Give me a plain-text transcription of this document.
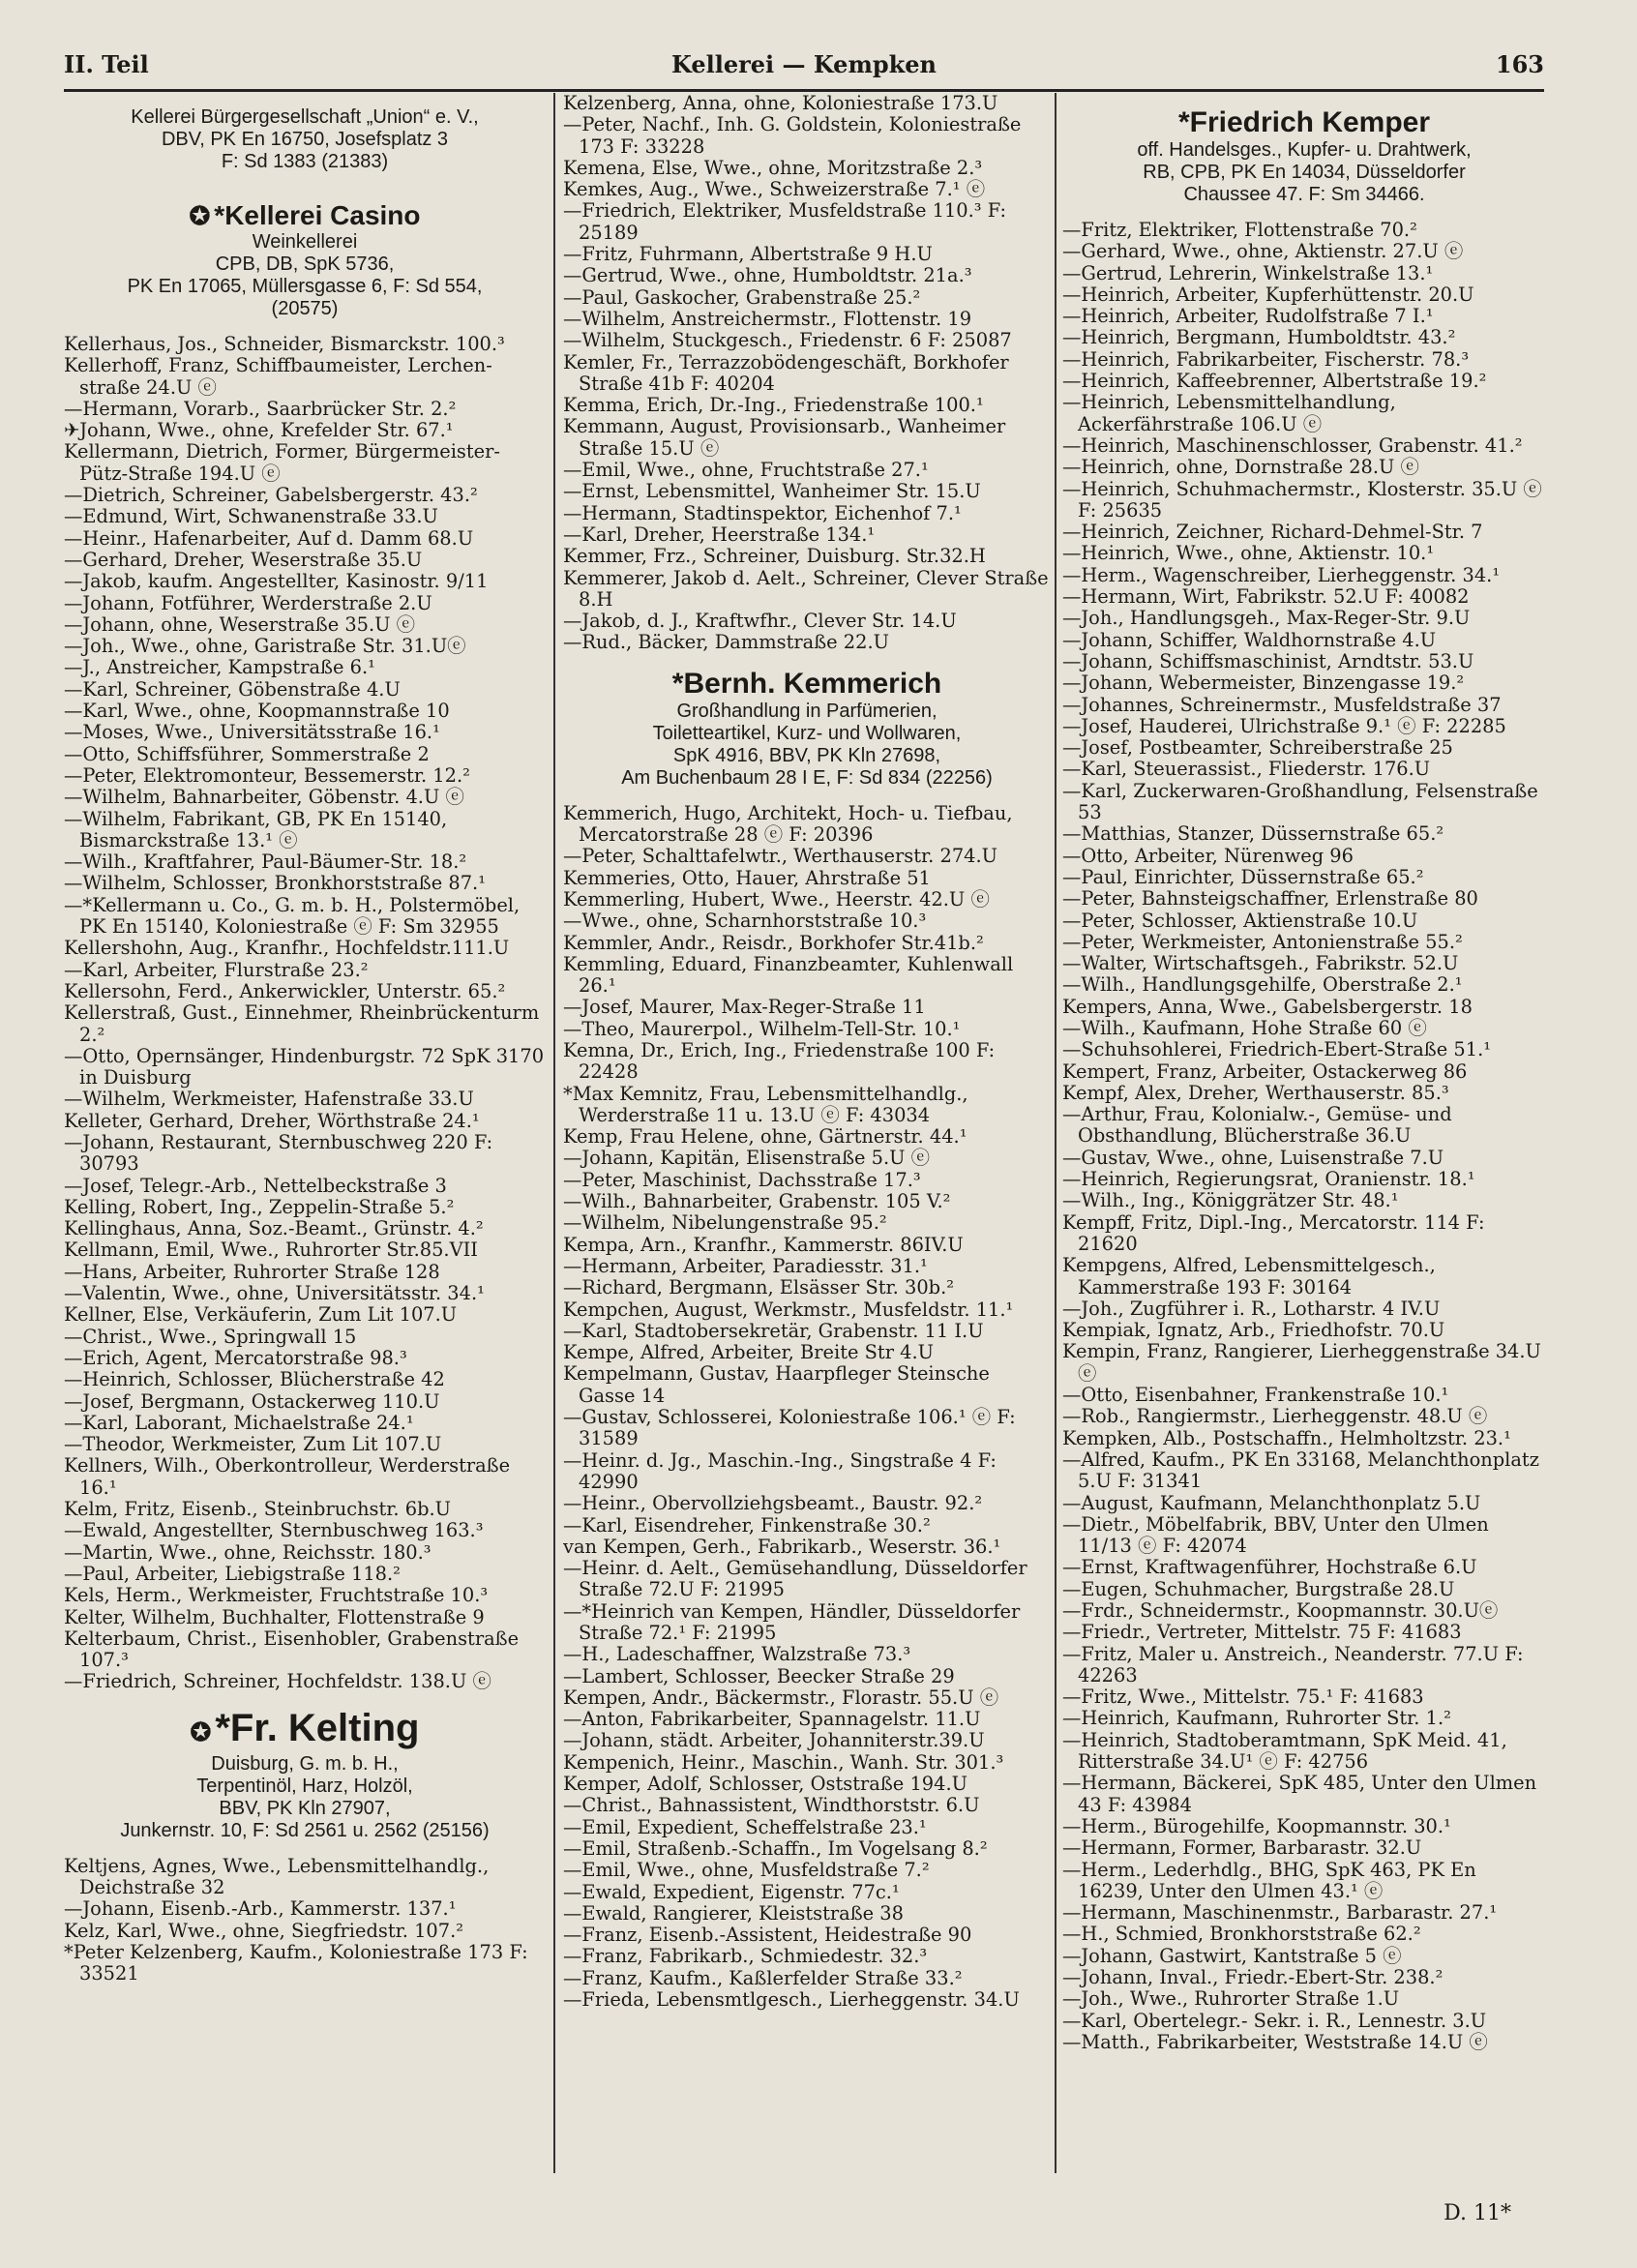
II. Teil	Kellerei — Kempken	163
Kellerei Bürgergesellschaft „Union“ e. V.,
DBV, PK En 16750, Josefsplatz 3
F: Sd 1383 (21383)
✪ *Kellerei Casino
Weinkellerei
CPB, DB, SpK 5736,
PK En 17065, Müllersgasse 6, F: Sd 554,
(20575)
Kellerhaus, Jos., Schneider, Bismarckstr. 100.³
Kellerhoff, Franz, Schiffbaumeister, Lerchen-straße 24.U ⓔ
—Hermann, Vorarb., Saarbrücker Str. 2.²
✈Johann, Wwe., ohne, Krefelder Str. 67.¹
Kellermann, Dietrich, Former, Bürgermeister-Pütz-Straße 194.U ⓔ
—Dietrich, Schreiner, Gabelsbergerstr. 43.²
—Edmund, Wirt, Schwanenstraße 33.U
—Heinr., Hafenarbeiter, Auf d. Damm 68.U
—Gerhard, Dreher, Weserstraße 35.U
—Jakob, kaufm. Angestellter, Kasinostr. 9/11
—Johann, Fotführer, Werderstraße 2.U
—Johann, ohne, Weserstraße 35.U ⓔ
—Joh., Wwe., ohne, Garistraße Str. 31.Uⓔ
—J., Anstreicher, Kampstraße 6.¹
—Karl, Schreiner, Göbenstraße 4.U
—Karl, Wwe., ohne, Koopmannstraße 10
—Moses, Wwe., Universitätsstraße 16.¹
—Otto, Schiffsführer, Sommerstraße 2
—Peter, Elektromonteur, Bessemerstr. 12.²
—Wilhelm, Bahnarbeiter, Göbenstr. 4.U ⓔ
—Wilhelm, Fabrikant, GB, PK En 15140, Bismarckstraße 13.¹ ⓔ
—Wilh., Kraftfahrer, Paul-Bäumer-Str. 18.²
—Wilhelm, Schlosser, Bronkhorststraße 87.¹
—*Kellermann u. Co., G. m. b. H., Polstermöbel, PK En 15140, Koloniestraße ⓔ F: Sm 32955
Kellershohn, Aug., Kranfhr., Hochfeldstr.111.U
—Karl, Arbeiter, Flurstraße 23.²
Kellersohn, Ferd., Ankerwickler, Unterstr. 65.²
Kellerstraß, Gust., Einnehmer, Rheinbrückenturm 2.²
—Otto, Opernsänger, Hindenburgstr. 72 SpK 3170 in Duisburg
—Wilhelm, Werkmeister, Hafenstraße 33.U
Kelleter, Gerhard, Dreher, Wörthstraße 24.¹
—Johann, Restaurant, Sternbuschweg 220 F: 30793
—Josef, Telegr.-Arb., Nettelbeckstraße 3
Kelling, Robert, Ing., Zeppelin-Straße 5.²
Kellinghaus, Anna, Soz.-Beamt., Grünstr. 4.²
Kellmann, Emil, Wwe., Ruhrorter Str.85.VII
—Hans, Arbeiter, Ruhrorter Straße 128
—Valentin, Wwe., ohne, Universitätsstr. 34.¹
Kellner, Else, Verkäuferin, Zum Lit 107.U
—Christ., Wwe., Springwall 15
—Erich, Agent, Mercatorstraße 98.³
—Heinrich, Schlosser, Blücherstraße 42
—Josef, Bergmann, Ostackerweg 110.U
—Karl, Laborant, Michaelstraße 24.¹
—Theodor, Werkmeister, Zum Lit 107.U
Kellners, Wilh., Oberkontrolleur, Werderstraße 16.¹
Kelm, Fritz, Eisenb., Steinbruchstr. 6b.U
—Ewald, Angestellter, Sternbuschweg 163.³
—Martin, Wwe., ohne, Reichsstr. 180.³
—Paul, Arbeiter, Liebigstraße 118.²
Kels, Herm., Werkmeister, Fruchtstraße 10.³
Kelter, Wilhelm, Buchhalter, Flottenstraße 9
Kelterbaum, Christ., Eisenhobler, Grabenstraße 107.³
—Friedrich, Schreiner, Hochfeldstr. 138.U ⓔ
✪ *Fr. Kelting
Duisburg, G. m. b. H.,
Terpentinöl, Harz, Holzöl,
BBV, PK Kln 27907,
Junkernstr. 10, F: Sd 2561 u. 2562 (25156)
Keltjens, Agnes, Wwe., Lebensmittelhandlg., Deichstraße 32
—Johann, Eisenb.-Arb., Kammerstr. 137.¹
Kelz, Karl, Wwe., ohne, Siegfriedstr. 107.²
*Peter Kelzenberg, Kaufm., Koloniestraße 173 F: 33521
Kelzenberg, Anna, ohne, Koloniestraße 173.U
—Peter, Nachf., Inh. G. Goldstein, Koloniestraße 173 F: 33228
Kemena, Else, Wwe., ohne, Moritzstraße 2.³
Kemkes, Aug., Wwe., Schweizerstraße 7.¹ ⓔ
—Friedrich, Elektriker, Musfeldstraße 110.³ F: 25189
—Fritz, Fuhrmann, Albertstraße 9 H.U
—Gertrud, Wwe., ohne, Humboldtstr. 21a.³
—Paul, Gaskocher, Grabenstraße 25.²
—Wilhelm, Anstreichermstr., Flottenstr. 19
—Wilhelm, Stuckgesch., Friedenstr. 6 F: 25087
Kemler, Fr., Terrazzobödengeschäft, Borkhofer Straße 41b F: 40204
Kemma, Erich, Dr.-Ing., Friedenstraße 100.¹
Kemmann, August, Provisionsarb., Wanheimer Straße 15.U ⓔ
—Emil, Wwe., ohne, Fruchtstraße 27.¹
—Ernst, Lebensmittel, Wanheimer Str. 15.U
—Hermann, Stadtinspektor, Eichenhof 7.¹
—Karl, Dreher, Heerstraße 134.¹
Kemmer, Frz., Schreiner, Duisburg. Str.32.H
Kemmerer, Jakob d. Aelt., Schreiner, Clever Straße 8.H
—Jakob, d. J., Kraftwfhr., Clever Str. 14.U
—Rud., Bäcker, Dammstraße 22.U
*Bernh. Kemmerich
Großhandlung in Parfümerien,
Toiletteartikel, Kurz- und Wollwaren,
SpK 4916, BBV, PK Kln 27698,
Am Buchenbaum 28 I E, F: Sd 834 (22256)
Kemmerich, Hugo, Architekt, Hoch- u. Tiefbau, Mercatorstraße 28 ⓔ F: 20396
—Peter, Schalttafelwtr., Werthauserstr. 274.U
Kemmeries, Otto, Hauer, Ahrstraße 51
Kemmerling, Hubert, Wwe., Heerstr. 42.U ⓔ
—Wwe., ohne, Scharnhorststraße 10.³
Kemmler, Andr., Reisdr., Borkhofer Str.41b.²
Kemmling, Eduard, Finanzbeamter, Kuhlenwall 26.¹
—Josef, Maurer, Max-Reger-Straße 11
—Theo, Maurerpol., Wilhelm-Tell-Str. 10.¹
Kemna, Dr., Erich, Ing., Friedenstraße 100 F: 22428
*Max Kemnitz, Frau, Lebensmittelhandlg., Werderstraße 11 u. 13.U ⓔ F: 43034
Kemp, Frau Helene, ohne, Gärtnerstr. 44.¹
—Johann, Kapitän, Elisenstraße 5.U ⓔ
—Peter, Maschinist, Dachsstraße 17.³
—Wilh., Bahnarbeiter, Grabenstr. 105 V.²
—Wilhelm, Nibelungenstraße 95.²
Kempa, Arn., Kranfhr., Kammerstr. 86IV.U
—Hermann, Arbeiter, Paradiesstr. 31.¹
—Richard, Bergmann, Elsässer Str. 30b.²
Kempchen, August, Werkmstr., Musfeldstr. 11.¹
—Karl, Stadtobersekretär, Grabenstr. 11 I.U
Kempe, Alfred, Arbeiter, Breite Str 4.U
Kempelmann, Gustav, Haarpfleger Steinsche Gasse 14
—Gustav, Schlosserei, Koloniestraße 106.¹ ⓔ F: 31589
—Heinr. d. Jg., Maschin.-Ing., Singstraße 4 F: 42990
—Heinr., Obervollziehgsbeamt., Baustr. 92.²
—Karl, Eisendreher, Finkenstraße 30.²
van Kempen, Gerh., Fabrikarb., Weserstr. 36.¹
—Heinr. d. Aelt., Gemüsehandlung, Düsseldorfer Straße 72.U F: 21995
—*Heinrich van Kempen, Händler, Düsseldorfer Straße 72.¹ F: 21995
—H., Ladeschaffner, Walzstraße 73.³
—Lambert, Schlosser, Beecker Straße 29
Kempen, Andr., Bäckermstr., Florastr. 55.U ⓔ
—Anton, Fabrikarbeiter, Spannagelstr. 11.U
—Johann, städt. Arbeiter, Johanniterstr.39.U
Kempenich, Heinr., Maschin., Wanh. Str. 301.³
Kemper, Adolf, Schlosser, Oststraße 194.U
—Christ., Bahnassistent, Windthorststr. 6.U
—Emil, Expedient, Scheffelstraße 23.¹
—Emil, Straßenb.-Schaffn., Im Vogelsang 8.²
—Emil, Wwe., ohne, Musfeldstraße 7.²
—Ewald, Expedient, Eigenstr. 77c.¹
—Ewald, Rangierer, Kleiststraße 38
—Franz, Eisenb.-Assistent, Heidestraße 90
—Franz, Fabrikarb., Schmiedestr. 32.³
—Franz, Kaufm., Kaßlerfelder Straße 33.²
—Frieda, Lebensmtlgesch., Lierheggenstr. 34.U
*Friedrich Kemper
off. Handelsges., Kupfer- u. Drahtwerk,
RB, CPB, PK En 14034, Düsseldorfer
Chaussee 47. F: Sm 34466.
—Fritz, Elektriker, Flottenstraße 70.²
—Gerhard, Wwe., ohne, Aktienstr. 27.U ⓔ
—Gertrud, Lehrerin, Winkelstraße 13.¹
—Heinrich, Arbeiter, Kupferhüttenstr. 20.U
—Heinrich, Arbeiter, Rudolfstraße 7 I.¹
—Heinrich, Bergmann, Humboldtstr. 43.²
—Heinrich, Fabrikarbeiter, Fischerstr. 78.³
—Heinrich, Kaffeebrenner, Albertstraße 19.²
—Heinrich, Lebensmittelhandlung, Ackerfährstraße 106.U ⓔ
—Heinrich, Maschinenschlosser, Grabenstr. 41.²
—Heinrich, ohne, Dornstraße 28.U ⓔ
—Heinrich, Schuhmachermstr., Klosterstr. 35.U ⓔ F: 25635
—Heinrich, Zeichner, Richard-Dehmel-Str. 7
—Heinrich, Wwe., ohne, Aktienstr. 10.¹
—Herm., Wagenschreiber, Lierheggenstr. 34.¹
—Hermann, Wirt, Fabrikstr. 52.U F: 40082
—Joh., Handlungsgeh., Max-Reger-Str. 9.U
—Johann, Schiffer, Waldhornstraße 4.U
—Johann, Schiffsmaschinist, Arndtstr. 53.U
—Johann, Webermeister, Binzengasse 19.²
—Johannes, Schreinermstr., Musfeldstraße 37
—Josef, Hauderei, Ulrichstraße 9.¹ ⓔ F: 22285
—Josef, Postbeamter, Schreiberstraße 25
—Karl, Steuerassist., Fliederstr. 176.U
—Karl, Zuckerwaren-Großhandlung, Felsenstraße 53
—Matthias, Stanzer, Düssernstraße 65.²
—Otto, Arbeiter, Nürenweg 96
—Paul, Einrichter, Düssernstraße 65.²
—Peter, Bahnsteigschaffner, Erlenstraße 80
—Peter, Schlosser, Aktienstraße 10.U
—Peter, Werkmeister, Antonienstraße 55.²
—Walter, Wirtschaftsgeh., Fabrikstr. 52.U
—Wilh., Handlungsgehilfe, Oberstraße 2.¹
Kempers, Anna, Wwe., Gabelsbergerstr. 18
—Wilh., Kaufmann, Hohe Straße 60 ⓔ
—Schuhsohlerei, Friedrich-Ebert-Straße 51.¹
Kempert, Franz, Arbeiter, Ostackerweg 86
Kempf, Alex, Dreher, Werthauserstr. 85.³
—Arthur, Frau, Kolonialw.-, Gemüse- und Obsthandlung, Blücherstraße 36.U
—Gustav, Wwe., ohne, Luisenstraße 7.U
—Heinrich, Regierungsrat, Oranienstr. 18.¹
—Wilh., Ing., Königgrätzer Str. 48.¹
Kempff, Fritz, Dipl.-Ing., Mercatorstr. 114 F: 21620
Kempgens, Alfred, Lebensmittelgesch., Kammerstraße 193 F: 30164
—Joh., Zugführer i. R., Lotharstr. 4 IV.U
Kempiak, Ignatz, Arb., Friedhofstr. 70.U
Kempin, Franz, Rangierer, Lierheggenstraße 34.U ⓔ
—Otto, Eisenbahner, Frankenstraße 10.¹
—Rob., Rangiermstr., Lierheggenstr. 48.U ⓔ
Kempken, Alb., Postschaffn., Helmholtzstr. 23.¹
—Alfred, Kaufm., PK En 33168, Melanchthonplatz 5.U F: 31341
—August, Kaufmann, Melanchthonplatz 5.U
—Dietr., Möbelfabrik, BBV, Unter den Ulmen 11/13 ⓔ F: 42074
—Ernst, Kraftwagenführer, Hochstraße 6.U
—Eugen, Schuhmacher, Burgstraße 28.U
—Frdr., Schneidermstr., Koopmannstr. 30.Uⓔ
—Friedr., Vertreter, Mittelstr. 75 F: 41683
—Fritz, Maler u. Anstreich., Neanderstr. 77.U F: 42263
—Fritz, Wwe., Mittelstr. 75.¹ F: 41683
—Heinrich, Kaufmann, Ruhrorter Str. 1.²
—Heinrich, Stadtoberamtmann, SpK Meid. 41, Ritterstraße 34.U¹ ⓔ F: 42756
—Hermann, Bäckerei, SpK 485, Unter den Ulmen 43 F: 43984
—Herm., Bürogehilfe, Koopmannstr. 30.¹
—Hermann, Former, Barbarastr. 32.U
—Herm., Lederhdlg., BHG, SpK 463, PK En 16239, Unter den Ulmen 43.¹ ⓔ
—Hermann, Maschinenmstr., Barbarastr. 27.¹
—H., Schmied, Bronkhorststraße 62.²
—Johann, Gastwirt, Kantstraße 5 ⓔ
—Johann, Inval., Friedr.-Ebert-Str. 238.²
—Joh., Wwe., Ruhrorter Straße 1.U
—Karl, Obertelegr.- Sekr. i. R., Lennestr. 3.U
—Matth., Fabrikarbeiter, Weststraße 14.U ⓔ
D. 11*
